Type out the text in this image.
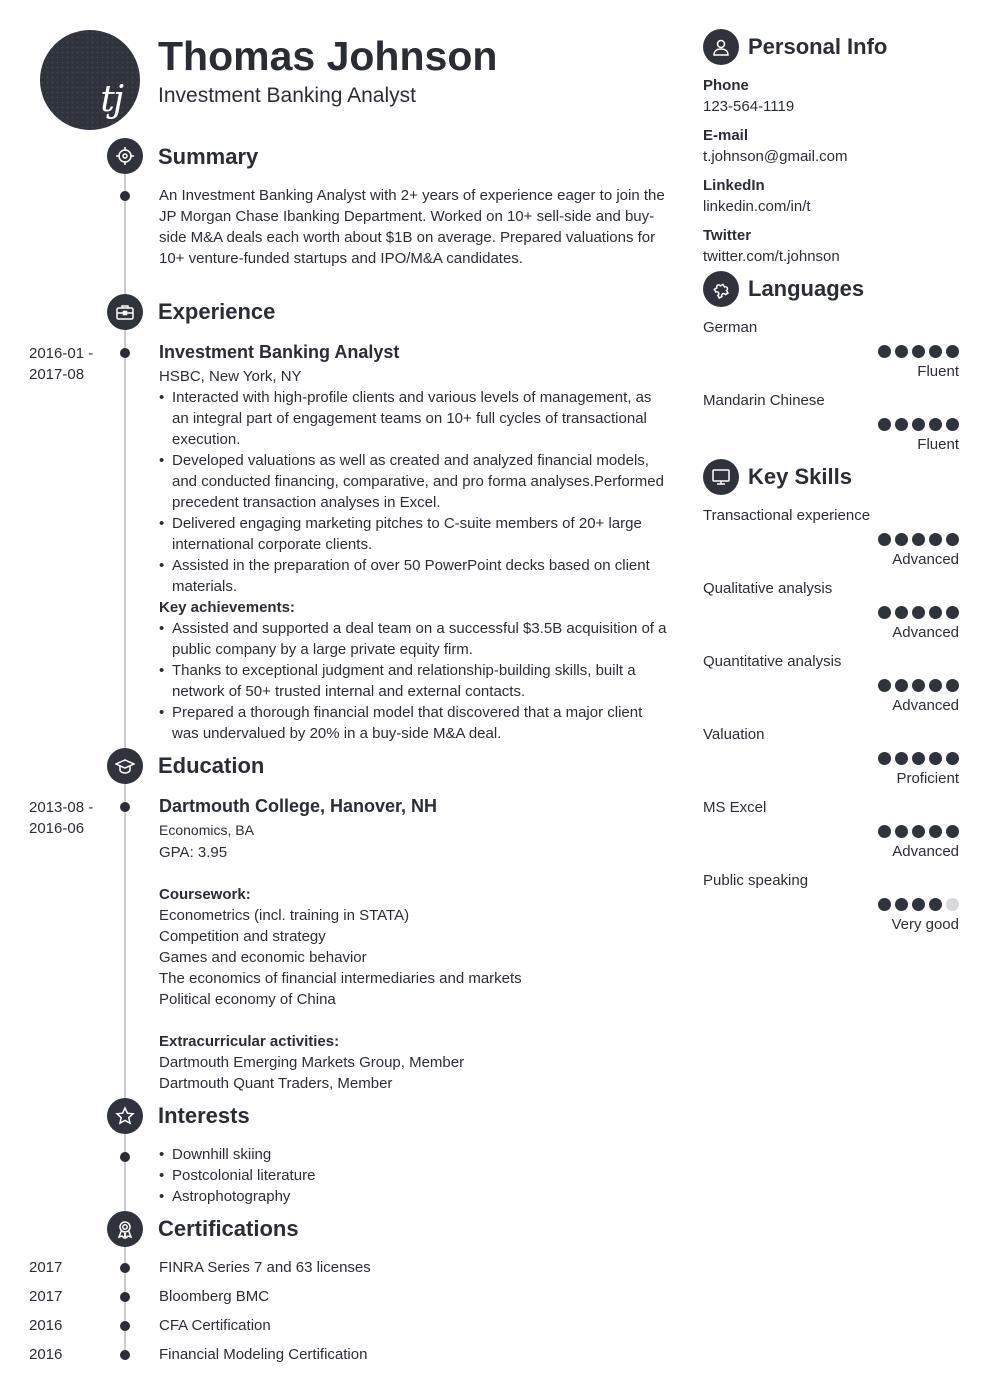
tj
Thomas Johnson
Investment Banking Analyst
Summary
An Investment Banking Analyst with 2+ years of experience eager to join the JP Morgan Chase Ibanking Department. Worked on 10+ sell-side and buy-side M&A deals each worth about $1B on average. Prepared valuations for 10+ venture-funded startups and IPO/M&A candidates.
Experience
2016-01 -
2017-08
Investment Banking Analyst
HSBC, New York, NY
• Interacted with high-profile clients and various levels of management, as an integral part of engagement teams on 10+ full cycles of transactional execution.
• Developed valuations as well as created and analyzed financial models, and conducted financing, comparative, and pro forma analyses.Performed precedent transaction analyses in Excel.
• Delivered engaging marketing pitches to C-suite members of 20+ large international corporate clients.
• Assisted in the preparation of over 50 PowerPoint decks based on client materials.
Key achievements:
• Assisted and supported a deal team on a successful $3.5B acquisition of a public company by a large private equity firm.
• Thanks to exceptional judgment and relationship-building skills, built a network of 50+ trusted internal and external contacts.
• Prepared a thorough financial model that discovered that a major client was undervalued by 20% in a buy-side M&A deal.
Education
2013-08 -
2016-06
Dartmouth College, Hanover, NH
Economics, BA
GPA: 3.95
Coursework:
Econometrics (incl. training in STATA)
Competition and strategy
Games and economic behavior
The economics of financial intermediaries and markets
Political economy of China
Extracurricular activities:
Dartmouth Emerging Markets Group, Member
Dartmouth Quant Traders, Member
Interests
• Downhill skiing
• Postcolonial literature
• Astrophotography
Certifications
2017	FINRA Series 7 and 63 licenses
2017	Bloomberg BMC
2016	CFA Certification
2016	Financial Modeling Certification
Personal Info
Phone
123-564-1119
E-mail
t.johnson@gmail.com
LinkedIn
linkedin.com/in/t
Twitter
twitter.com/t.johnson
Languages
German
Fluent
Mandarin Chinese
Fluent
Key Skills
Transactional experience
Advanced
Qualitative analysis
Advanced
Quantitative analysis
Advanced
Valuation
Proficient
MS Excel
Advanced
Public speaking
Very good
